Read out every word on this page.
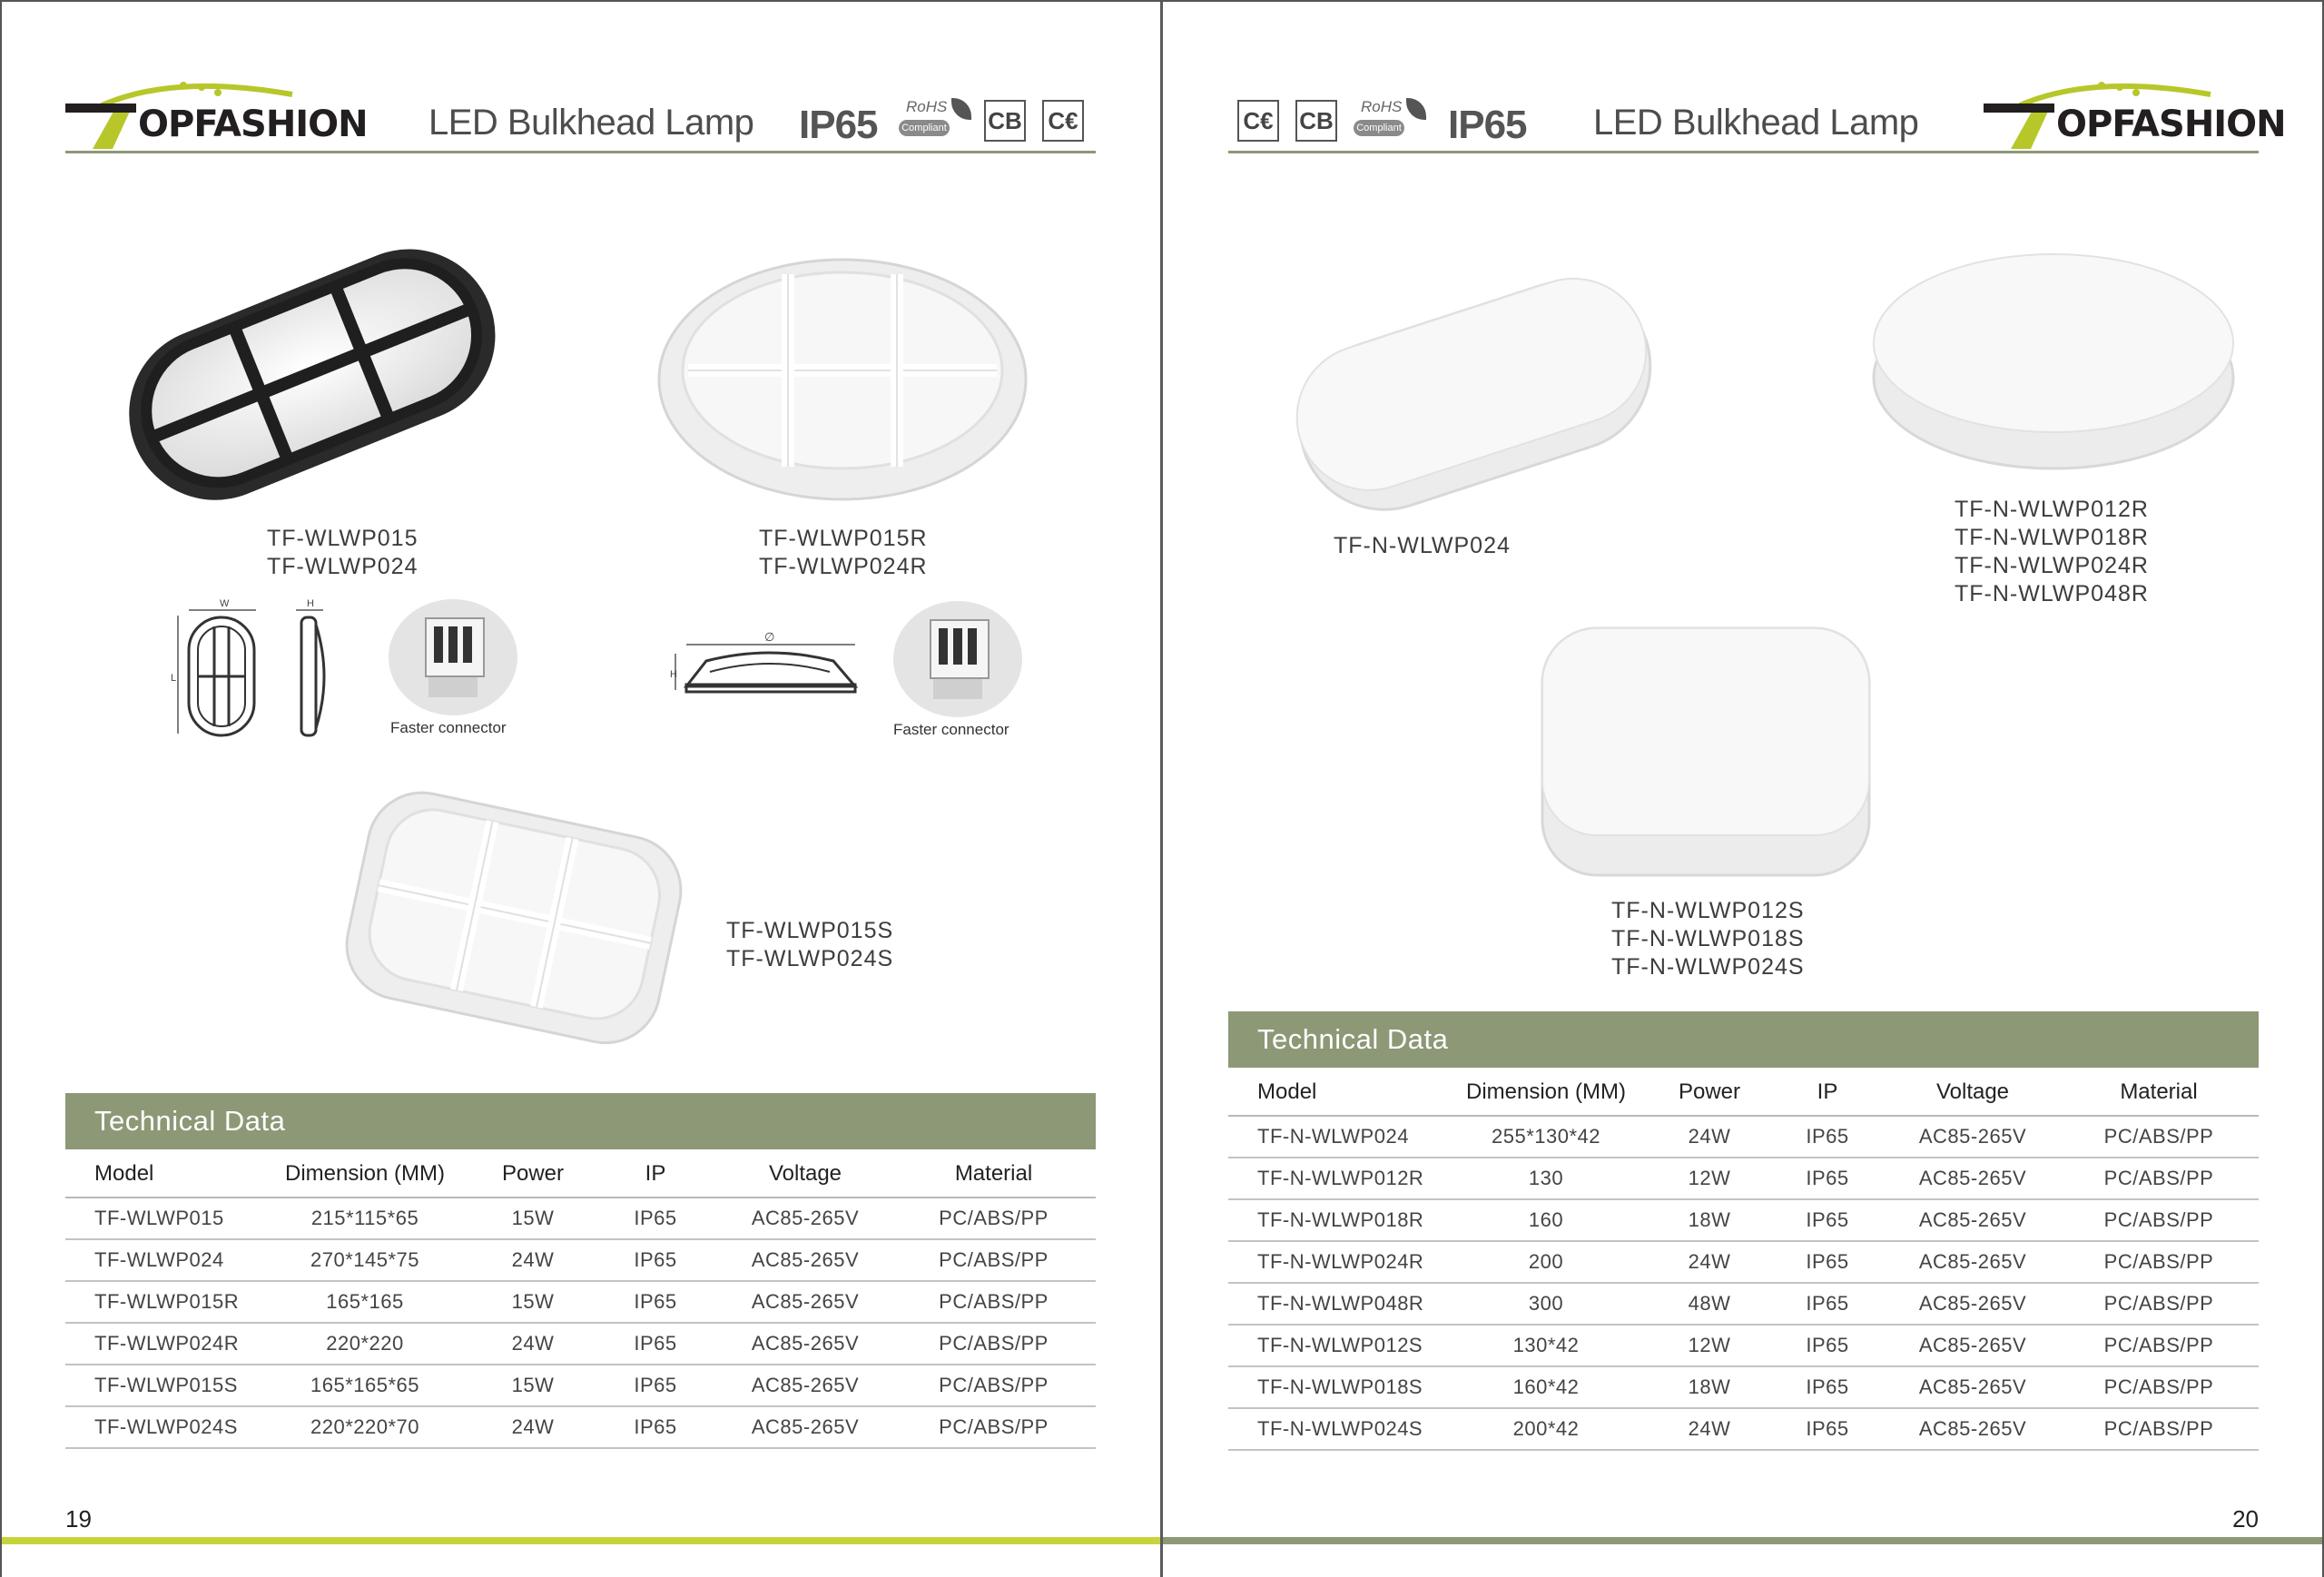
OPFASHION LED Bulkhead Lamp IP65 RoHS
Compliant CB C€
TF-WLWP015
TF-WLWP024
TF-WLWP015R
TF-WLWP024R
W	H
L
Faster connector
∅
H
Faster connector
TF-WLWP015S
TF-WLWP024S
Technical Data
Model	Dimension (MM)	Power	IP	Voltage	Material
TF-WLWP015	215*115*65	15W	IP65	AC85-265V	PC/ABS/PP
TF-WLWP024	270*145*75	24W	IP65	AC85-265V	PC/ABS/PP
TF-WLWP015R	165*165	15W	IP65	AC85-265V	PC/ABS/PP
TF-WLWP024R	220*220	24W	IP65	AC85-265V	PC/ABS/PP
TF-WLWP015S	165*165*65	15W	IP65	AC85-265V	PC/ABS/PP
TF-WLWP024S	220*220*70	24W	IP65	AC85-265V	PC/ABS/PP
19
C€ CB
RoHS
Compliant IP65 LED Bulkhead Lamp	OPFASHION
TF-N-WLWP024
TF-N-WLWP012R
TF-N-WLWP018R
TF-N-WLWP024R
TF-N-WLWP048R
TF-N-WLWP012S
TF-N-WLWP018S
TF-N-WLWP024S
Technical Data
Model	Dimension (MM)	Power	IP	Voltage	Material
TF-N-WLWP024	255*130*42	24W	IP65	AC85-265V	PC/ABS/PP
TF-N-WLWP012R	130	12W	IP65	AC85-265V	PC/ABS/PP
TF-N-WLWP018R	160	18W	IP65	AC85-265V	PC/ABS/PP
TF-N-WLWP024R	200	24W	IP65	AC85-265V	PC/ABS/PP
TF-N-WLWP048R	300	48W	IP65	AC85-265V	PC/ABS/PP
TF-N-WLWP012S	130*42	12W	IP65	AC85-265V	PC/ABS/PP
TF-N-WLWP018S	160*42	18W	IP65	AC85-265V	PC/ABS/PP
TF-N-WLWP024S	200*42	24W	IP65	AC85-265V	PC/ABS/PP
20
